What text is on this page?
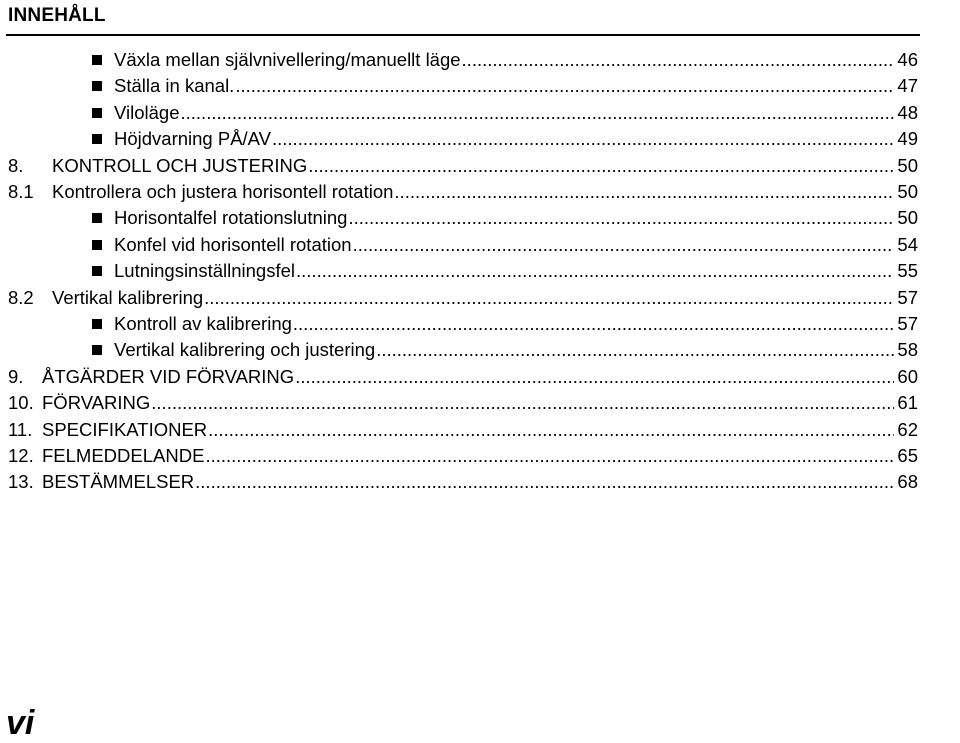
INNEHÅLL
Växla mellan självnivellering/manuellt läge .....	46
Ställa in kanal. .....	47
Viloläge .....	48
Höjdvarning PÅ/AV .....	49
8.	KONTROLL OCH JUSTERING .....	50
8.1 Kontrollera och justera horisontell rotation .....	50
Horisontalfel rotationslutning .....	50
Konfel vid horisontell rotation .....	54
Lutningsinställningsfel .....	55
8.2 Vertikal kalibrering .....	57
Kontroll av kalibrering .....	57
Vertikal kalibrering och justering .....	58
9.	ÅTGÄRDER VID FÖRVARING .....	60
10. FÖRVARING .....	61
11. SPECIFIKATIONER .....	62
12. FELMEDDELANDE .....	65
13. BESTÄMMELSER .....	68
vi
